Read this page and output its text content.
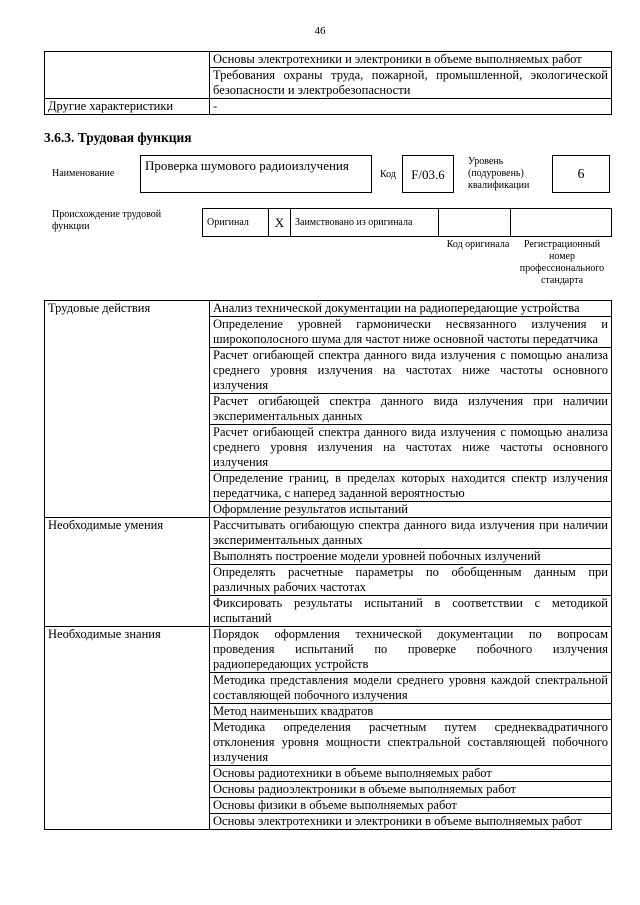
46
	Основы электротехники и электроники в объеме выполняемых работ
	Требования охраны труда, пожарной, промышленной, экологической безопасности и электробезопасности
Другие характеристики	-
3.6.3. Трудовая функция
Наименование
Проверка шумового радиоизлучения
Код	F/03.6
Уровень (подуровень) квалификации
6
Происхождение трудовой функции	Оригинал	X	Заимствовано из оригинала
Код оригинала	Регистрационный номер профессионального стандарта
Трудовые действия	Анализ технической документации на радиопередающие устройства
	Определение уровней гармонически несвязанного излучения и широкополосного шума для частот ниже основной частоты передатчика
	Расчет огибающей спектра данного вида излучения с помощью анализа среднего уровня излучения на частотах ниже частоты основного излучения
	Расчет огибающей спектра данного вида излучения при наличии экспериментальных данных
	Расчет огибающей спектра данного вида излучения с помощью анализа среднего уровня излучения на частотах ниже частоты основного излучения
	Определение границ, в пределах которых находится спектр излучения передатчика, с наперед заданной вероятностью
	Оформление результатов испытаний
Необходимые умения	Рассчитывать огибающую спектра данного вида излучения при наличии экспериментальных данных
	Выполнять построение модели уровней побочных излучений
	Определять расчетные параметры по обобщенным данным при различных рабочих частотах
	Фиксировать результаты испытаний в соответствии с методикой испытаний
Необходимые знания	Порядок оформления технической документации по вопросам проведения испытаний по проверке побочного излучения радиопередающих устройств
	Методика представления модели среднего уровня каждой спектральной составляющей побочного излучения
	Метод наименьших квадратов
	Методика определения расчетным путем среднеквадратичного отклонения уровня мощности спектральной составляющей побочного излучения
	Основы радиотехники в объеме выполняемых работ
	Основы радиоэлектроники в объеме выполняемых работ
	Основы физики в объеме выполняемых работ
	Основы электротехники и электроники в объеме выполняемых работ
